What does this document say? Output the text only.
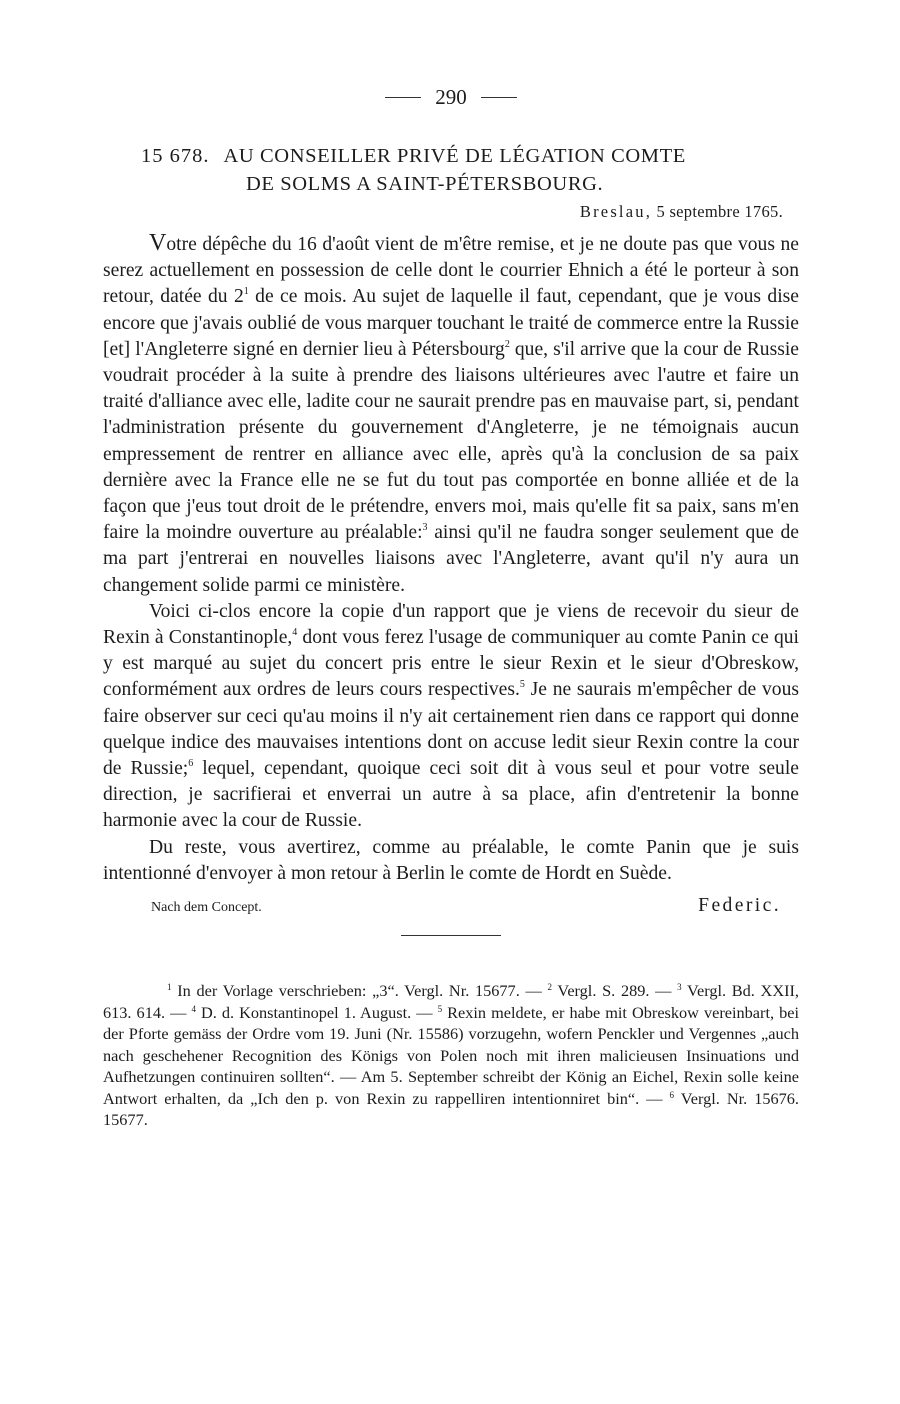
290
15 678. AU CONSEILLER PRIVÉ DE LÉGATION COMTE
DE SOLMS A SAINT-PÉTERSBOURG.
Breslau, 5 septembre 1765.

Votre dépêche du 16 d'août vient de m'être remise, et je ne doute pas que vous ne serez actuellement en possession de celle dont le courrier Ehnich a été le porteur à son retour, datée du $2^1$ de ce mois. Au sujet de laquelle il faut, cependant, que je vous dise encore que j'avais oublié de vous marquer touchant le traité de commerce entre la Russie [et] l'Angleterre signé en dernier lieu à Pétersbourg$^2$ que, s'il arrive que la cour de Russie voudrait procéder à la suite à prendre des liaisons ultérieures avec l'autre et faire un traité d'alliance avec elle, ladite cour ne saurait prendre pas en mauvaise part, si, pendant l'administration présente du gouvernement d'Angleterre, je ne témoignais aucun empressement de rentrer en alliance avec elle, après qu'à la conclusion de sa paix dernière avec la France elle ne se fut du tout pas comportée en bonne alliée et de la façon que j'eus tout droit de le prétendre, envers moi, mais qu'elle fit sa paix, sans m'en faire la moindre ouverture au préalable:$^3$ ainsi qu'il ne faudra songer seulement que de ma part j'entrerai en nouvelles liaisons avec l'Angleterre, avant qu'il n'y aura un changement solide parmi ce ministère.

Voici ci-clos encore la copie d'un rapport que je viens de recevoir du sieur de Rexin à Constantinople,$^4$ dont vous ferez l'usage de communiquer au comte Panin ce qui y est marqué au sujet du concert pris entre le sieur Rexin et le sieur d'Obreskow, conformément aux ordres de leurs cours respectives.$^5$ Je ne saurais m'empêcher de vous faire observer sur ceci qu'au moins il n'y ait certainement rien dans ce rapport qui donne quelque indice des mauvaises intentions dont on accuse ledit sieur Rexin contre la cour de Russie;$^6$ lequel, cependant, quoique ceci soit dit à vous seul et pour votre seule direction, je sacrifierai et enverrai un autre à sa place, afin d'entretenir la bonne harmonie avec la cour de Russie.

Du reste, vous avertirez, comme au préalable, le comte Panin que je suis intentionné d'envoyer à mon retour à Berlin le comte de Hordt en Suède.

Nach dem Concept.	Federic.

$^1$ In der Vorlage verschrieben: „3“. Vergl. Nr. 15677. — $^2$ Vergl. S. 289. — $^3$ Vergl. Bd. XXII, 613. 614. — $^4$ D. d. Konstantinopel 1. August. — $^5$ Rexin meldete, er habe mit Obreskow vereinbart, bei der Pforte gemäss der Ordre vom 19. Juni (Nr. 15586) vorzugehn, wofern Penckler und Vergennes „auch nach geschehener Recognition des Königs von Polen noch mit ihren malicieusen Insinuations und Aufhetzungen continuiren sollten“. — Am 5. September schreibt der König an Eichel, Rexin solle keine Antwort erhalten, da „Ich den p. von Rexin zu rappelliren intentionniret bin“. — $^6$ Vergl. Nr. 15676. 15677.
